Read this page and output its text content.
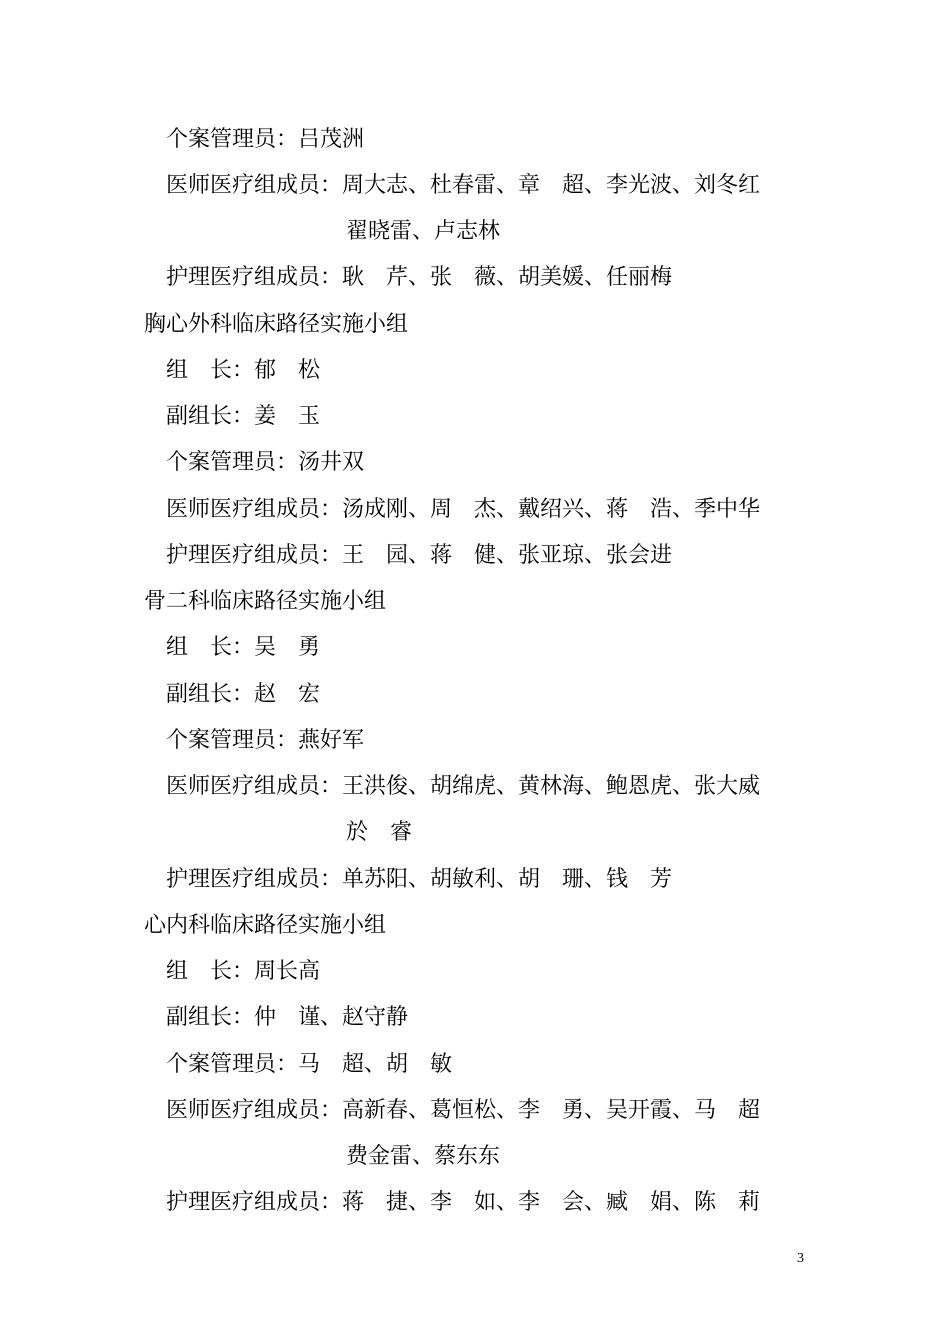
个案管理员：吕茂洲
医师医疗组成员：周大志、杜春雷、章　超、李光波、刘冬红
翟晓雷、卢志林
护理医疗组成员：耿　芹、张　薇、胡美媛、任丽梅
胸心外科临床路径实施小组
组　长：郁　松
副组长：姜　玉
个案管理员：汤井双
医师医疗组成员：汤成刚、周　杰、戴绍兴、蒋　浩、季中华
护理医疗组成员：王　园、蒋　健、张亚琼、张会进
骨二科临床路径实施小组
组　长：吴　勇
副组长：赵　宏
个案管理员：燕好军
医师医疗组成员：王洪俊、胡绵虎、黄林海、鲍恩虎、张大威
於　睿
护理医疗组成员：单苏阳、胡敏利、胡　珊、钱　芳
心内科临床路径实施小组
组　长：周长高
副组长：仲　谨、赵守静
个案管理员：马　超、胡　敏
医师医疗组成员：高新春、葛恒松、李　勇、吴开霞、马　超
费金雷、蔡东东
护理医疗组成员：蒋　捷、李　如、李　会、臧　娟、陈　莉
3
